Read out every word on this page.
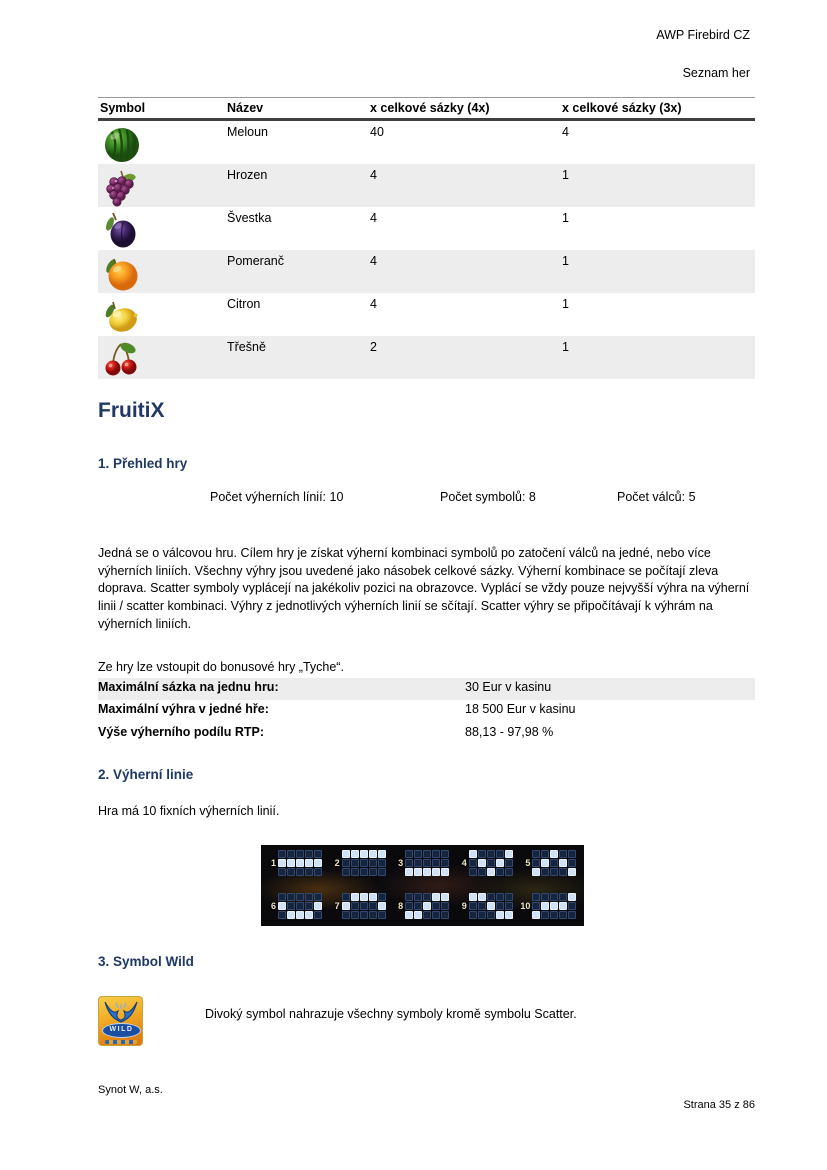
AWP Firebird CZ
Seznam her
Symbol	Název	x celkové sázky (4x)	x celkové sázky (3x)

	Meloun	40	4

	Hrozen	4	1

	Švestka	4	1

	Pomeranč	4	1

	Citron	4	1

	Třešně	2	1
FruitiX
1. Přehled hry
Počet výherních línií: 10	Počet symbolů: 8	Počet válců: 5

Jedná se o válcovou hru. Cílem hry je získat výherní kombinaci symbolů po zatočení válců na jedné, nebo více výherních liniích. Všechny výhry jsou uvedené jako násobek celkové sázky. Výherní kombinace se počítají zleva doprava. Scatter symboly vyplácejí na jakékoliv pozici na obrazovce. Vyplácí se vždy pouze nejvyšší výhra na výherní linii / scatter kombinaci. Výhry z jednotlivých výherních linií se sčítají. Scatter výhry se připočítávají k výhrám na výherních liniích.

Ze hry lze vstoupit do bonusové hry „Tyche“.

Maximální sázka na jednu hru:	30 Eur v kasinu
Maximální výhra v jedné hře:	18 500 Eur v kasinu
Výše výherního podílu RTP:	88,13 - 97,98 %
2. Výherní linie

Hra má 10 fixních výherních linií.

1	2	3	4	5
6	7	8	9	10
3. Symbol Wild
WILD

Divoký symbol nahrazuje všechny symboly kromě symbolu Scatter.

Synot W, a.s.
Strana 35 z 86
